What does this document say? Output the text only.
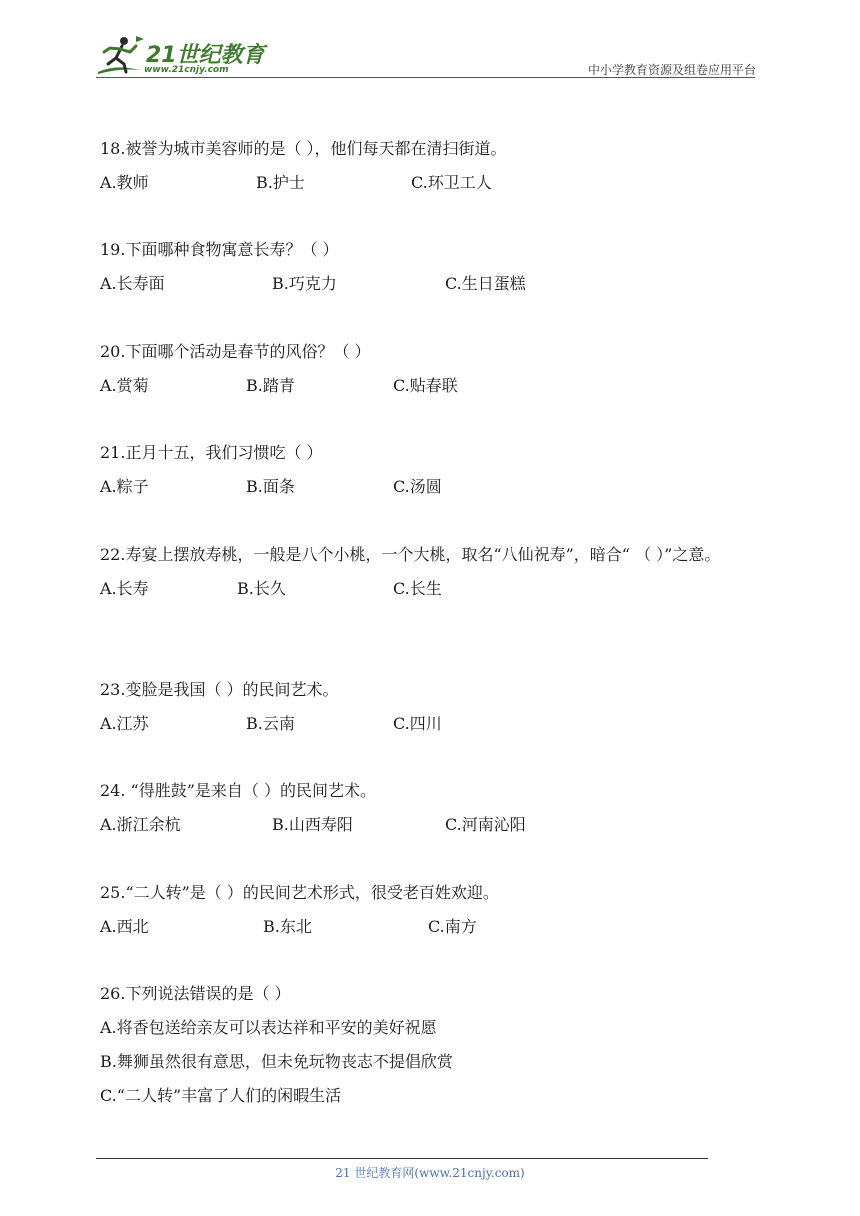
21世纪教育
www.21cnjy.com	中小学教育资源及组卷应用平台
18.被誉为城市美容师的是（ ），他们每天都在清扫街道。
A.教师	B.护士	C.环卫工人
19.下面哪种食物寓意长寿？（ ）
A.长寿面	B.巧克力	C.生日蛋糕
20.下面哪个活动是春节的风俗？（ ）
A.赏菊	B.踏青	C.贴春联
21.正月十五，我们习惯吃（ ）
A.粽子	B.面条	C.汤圆
22.寿宴上摆放寿桃，一般是八个小桃，一个大桃，取名“八仙祝寿”，暗合“ （ ）”之意。
A.长寿	B.长久	C.长生
23.变脸是我国（ ）的民间艺术。
A.江苏	B.云南	C.四川
24. “得胜鼓”是来自（ ）的民间艺术。
A.浙江余杭	B.山西寿阳	C.河南沁阳
25.“二人转”是（ ）的民间艺术形式，很受老百姓欢迎。
A.西北	B.东北	C.南方
26.下列说法错误的是（ ）
A.将香包送给亲友可以表达祥和平安的美好祝愿
B.舞狮虽然很有意思，但未免玩物丧志不提倡欣赏
C.“二人转”丰富了人们的闲暇生活
21 世纪教育网(www.21cnjy.com)
